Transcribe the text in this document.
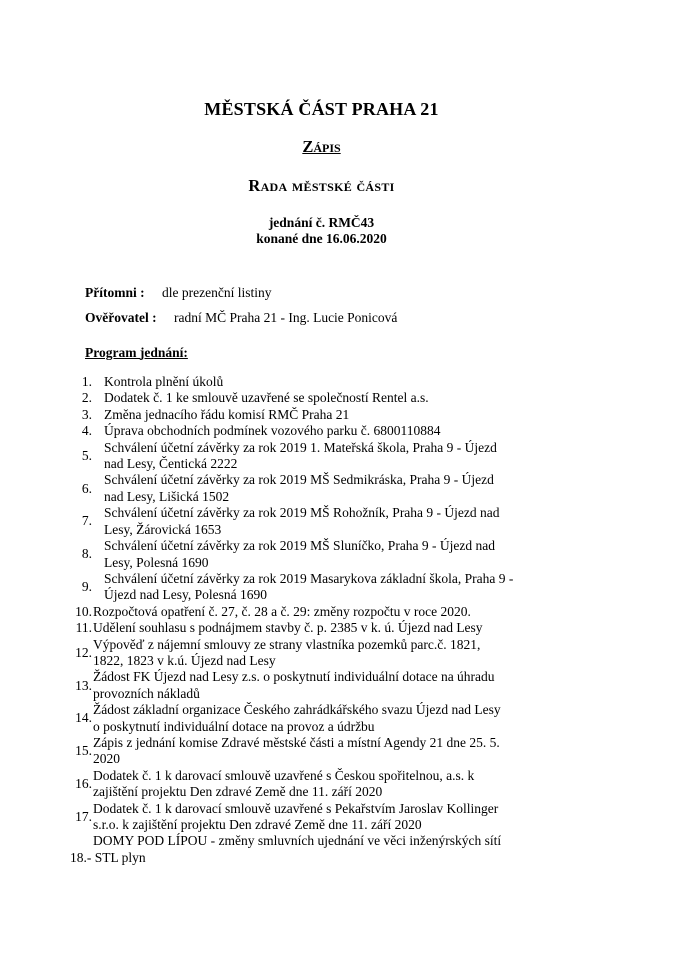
MĚSTSKÁ ČÁST PRAHA 21
Zápis
Rada městské části
jednání č. RMČ43
konané dne 16.06.2020
Přítomni : dle prezenční listiny
Ověřovatel : radní MČ Praha 21 - Ing. Lucie Ponicová
Program jednání:
1. Kontrola plnění úkolů
2. Dodatek č. 1 ke smlouvě uzavřené se společností Rentel a.s.
3. Změna jednacího řádu komisí RMČ Praha 21
4. Úprava obchodních podmínek vozového parku č. 6800110884
5.
Schválení účetní závěrky za rok 2019 1. Mateřská škola, Praha 9 - Újezd
nad Lesy, Čentická 2222
6.
Schválení účetní závěrky za rok 2019 MŠ Sedmikráska, Praha 9 - Újezd
nad Lesy, Lišická 1502
7.
Schválení účetní závěrky za rok 2019 MŠ Rohožník, Praha 9 - Újezd nad
Lesy, Žárovická 1653
8.
Schválení účetní závěrky za rok 2019 MŠ Sluníčko, Praha 9 - Újezd nad
Lesy, Polesná 1690
9.
Schválení účetní závěrky za rok 2019 Masarykova základní škola, Praha 9 -
Újezd nad Lesy, Polesná 1690
10. Rozpočtová opatření č. 27, č. 28 a č. 29: změny rozpočtu v roce 2020.
11. Udělení souhlasu s podnájmem stavby č. p. 2385 v k. ú. Újezd nad Lesy
12.
Výpověď z nájemní smlouvy ze strany vlastníka pozemků parc.č. 1821,
1822, 1823 v k.ú. Újezd nad Lesy
13.
Žádost FK Újezd nad Lesy z.s. o poskytnutí individuální dotace na úhradu
provozních nákladů
14.
Žádost základní organizace Českého zahrádkářského svazu Újezd nad Lesy
o poskytnutí individuální dotace na provoz a údržbu
15.
Zápis z jednání komise Zdravé městské části a místní Agendy 21 dne 25. 5.
2020
16.
Dodatek č. 1 k darovací smlouvě uzavřené s Českou spořitelnou, a.s. k
zajištění projektu Den zdravé Země dne 11. září 2020
17.
Dodatek č. 1 k darovací smlouvě uzavřené s Pekařstvím Jaroslav Kollinger
s.r.o. k zajištění projektu Den zdravé Země dne 11. září 2020
DOMY POD LÍPOU - změny smluvních ujednání ve věci inženýrských sítí
18.- STL plyn
